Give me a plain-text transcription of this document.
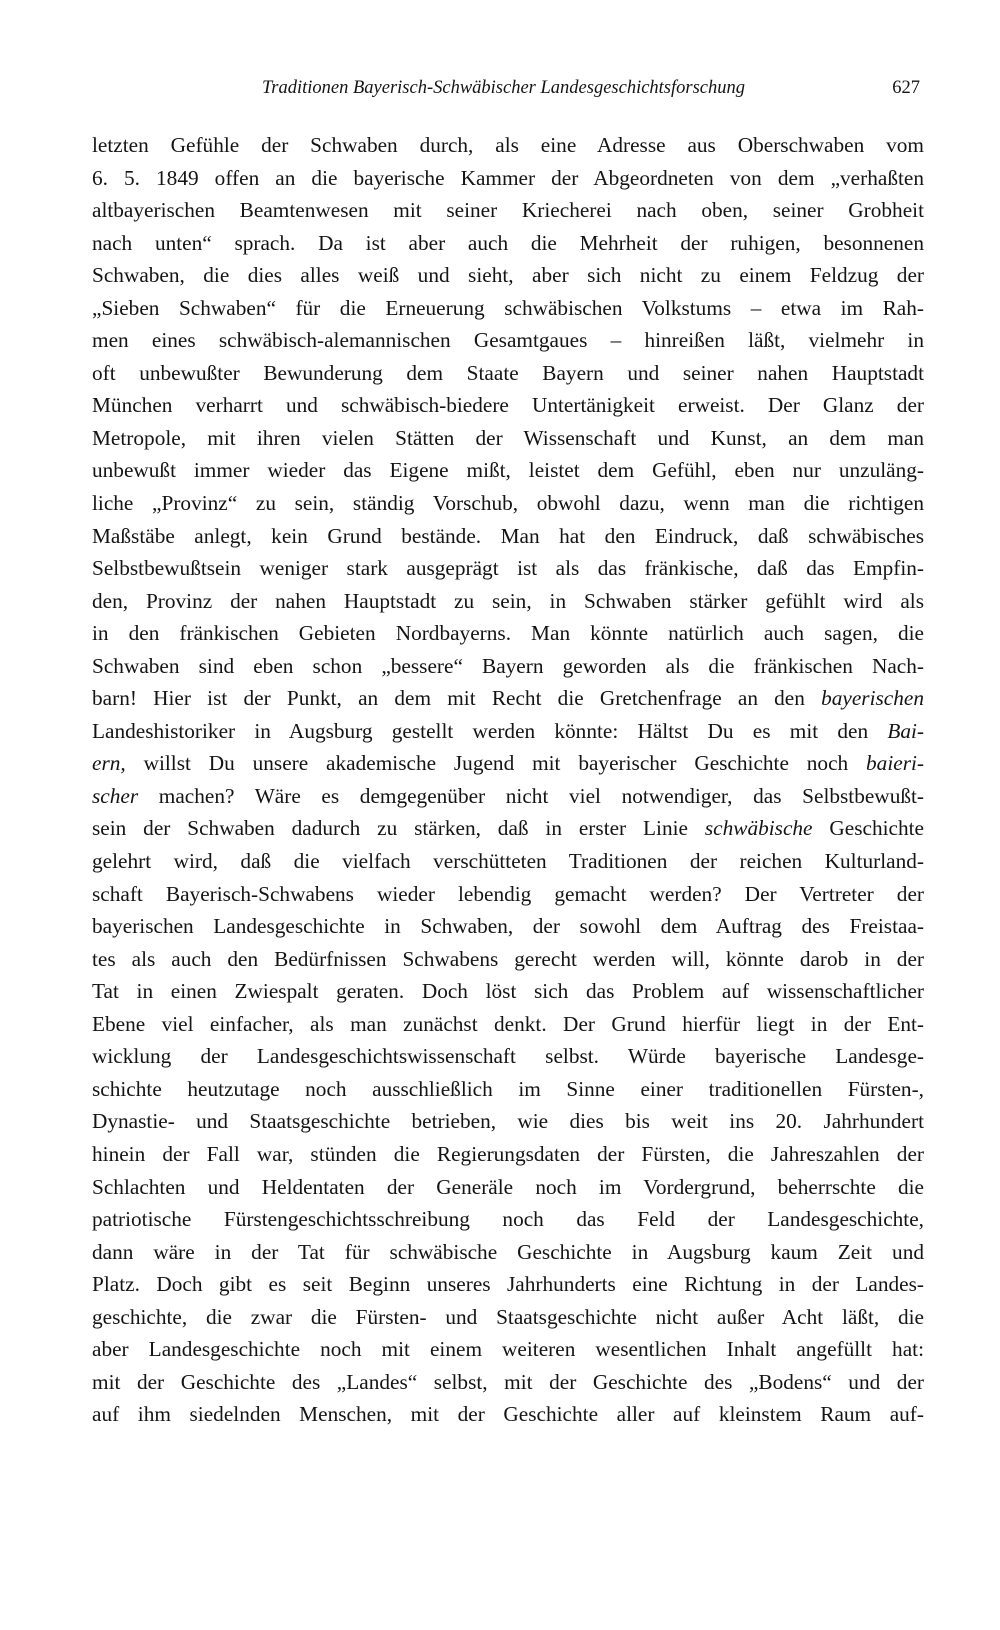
Traditionen Bayerisch-Schwäbischer Landesgeschichtsforschung	627
letzten Gefühle der Schwaben durch, als eine Adresse aus Oberschwaben vom
6. 5. 1849 offen an die bayerische Kammer der Abgeordneten von dem „verhaßten
altbayerischen Beamtenwesen mit seiner Kriecherei nach oben, seiner Grobheit
nach unten“ sprach. Da ist aber auch die Mehrheit der ruhigen, besonnenen
Schwaben, die dies alles weiß und sieht, aber sich nicht zu einem Feldzug der
„Sieben Schwaben“ für die Erneuerung schwäbischen Volkstums – etwa im Rah-
men eines schwäbisch-alemannischen Gesamtgaues – hinreißen läßt, vielmehr in
oft unbewußter Bewunderung dem Staate Bayern und seiner nahen Hauptstadt
München verharrt und schwäbisch-biedere Untertänigkeit erweist. Der Glanz der
Metropole, mit ihren vielen Stätten der Wissenschaft und Kunst, an dem man
unbewußt immer wieder das Eigene mißt, leistet dem Gefühl, eben nur unzuläng-
liche „Provinz“ zu sein, ständig Vorschub, obwohl dazu, wenn man die richtigen
Maßstäbe anlegt, kein Grund bestände. Man hat den Eindruck, daß schwäbisches
Selbstbewußtsein weniger stark ausgeprägt ist als das fränkische, daß das Empfin-
den, Provinz der nahen Hauptstadt zu sein, in Schwaben stärker gefühlt wird als
in den fränkischen Gebieten Nordbayerns. Man könnte natürlich auch sagen, die
Schwaben sind eben schon „bessere“ Bayern geworden als die fränkischen Nach-
barn! Hier ist der Punkt, an dem mit Recht die Gretchenfrage an den bayerischen
Landeshistoriker in Augsburg gestellt werden könnte: Hältst Du es mit den Bai-
ern, willst Du unsere akademische Jugend mit bayerischer Geschichte noch baieri-
scher machen? Wäre es demgegenüber nicht viel notwendiger, das Selbstbewußt-
sein der Schwaben dadurch zu stärken, daß in erster Linie schwäbische Geschichte
gelehrt wird, daß die vielfach verschütteten Traditionen der reichen Kulturland-
schaft Bayerisch-Schwabens wieder lebendig gemacht werden? Der Vertreter der
bayerischen Landesgeschichte in Schwaben, der sowohl dem Auftrag des Freistaa-
tes als auch den Bedürfnissen Schwabens gerecht werden will, könnte darob in der
Tat in einen Zwiespalt geraten. Doch löst sich das Problem auf wissenschaftlicher
Ebene viel einfacher, als man zunächst denkt. Der Grund hierfür liegt in der Ent-
wicklung der Landesgeschichtswissenschaft selbst. Würde bayerische Landesge-
schichte heutzutage noch ausschließlich im Sinne einer traditionellen Fürsten-,
Dynastie- und Staatsgeschichte betrieben, wie dies bis weit ins 20. Jahrhundert
hinein der Fall war, stünden die Regierungsdaten der Fürsten, die Jahreszahlen der
Schlachten und Heldentaten der Generäle noch im Vordergrund, beherrschte die
patriotische Fürstengeschichtsschreibung noch das Feld der Landesgeschichte,
dann wäre in der Tat für schwäbische Geschichte in Augsburg kaum Zeit und
Platz. Doch gibt es seit Beginn unseres Jahrhunderts eine Richtung in der Landes-
geschichte, die zwar die Fürsten- und Staatsgeschichte nicht außer Acht läßt, die
aber Landesgeschichte noch mit einem weiteren wesentlichen Inhalt angefüllt hat:
mit der Geschichte des „Landes“ selbst, mit der Geschichte des „Bodens“ und der
auf ihm siedelnden Menschen, mit der Geschichte aller auf kleinstem Raum auf-
